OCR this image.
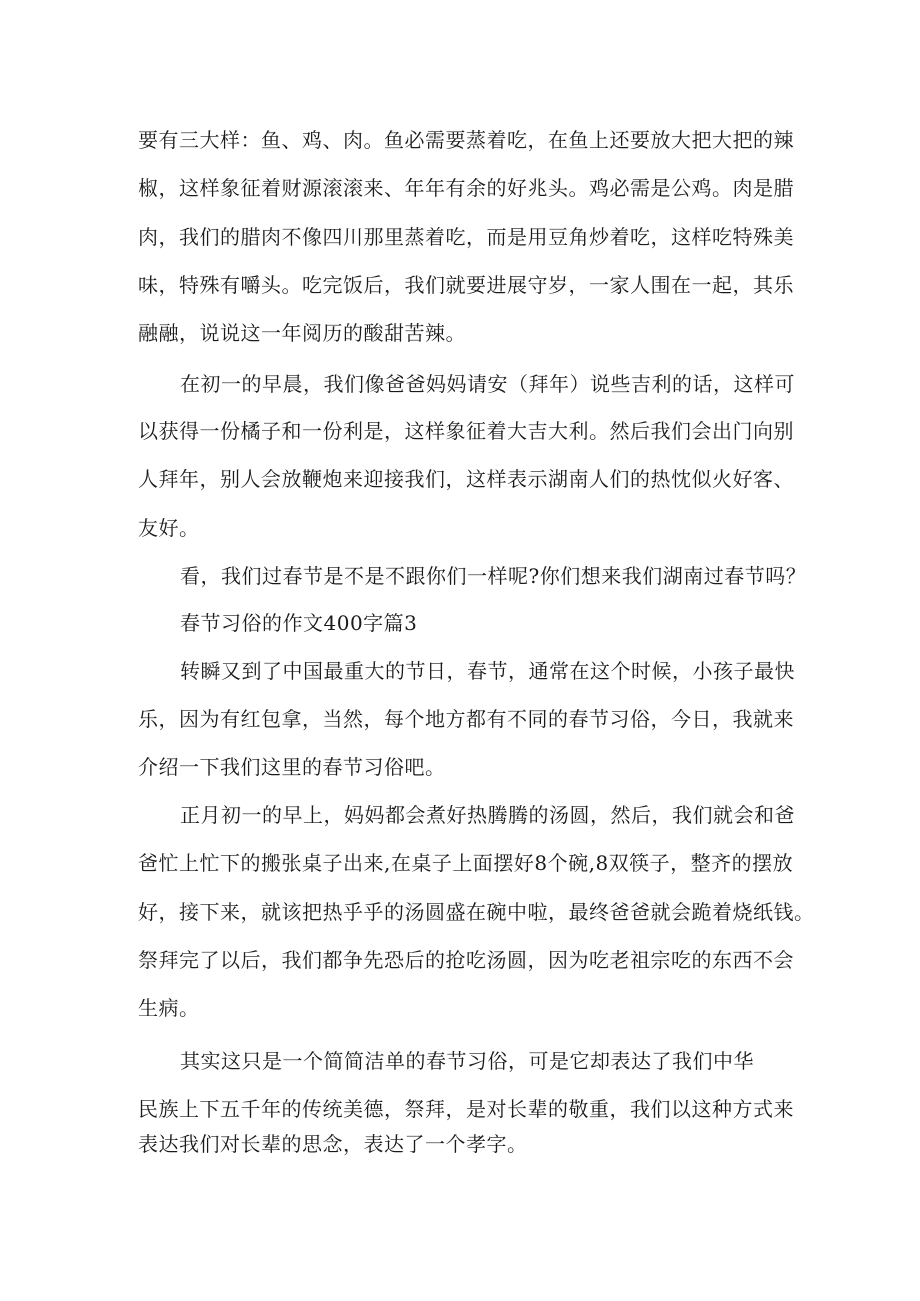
要有三大样：鱼、鸡、肉。鱼必需要蒸着吃，在鱼上还要放大把大把的辣
椒，这样象征着财源滚滚来、年年有余的好兆头。鸡必需是公鸡。肉是腊
肉，我们的腊肉不像四川那里蒸着吃，而是用豆角炒着吃，这样吃特殊美
味，特殊有嚼头。吃完饭后，我们就要进展守岁，一家人围在一起，其乐
融融，说说这一年阅历的酸甜苦辣。
在初一的早晨，我们像爸爸妈妈请安（拜年）说些吉利的话，这样可
以获得一份橘子和一份利是，这样象征着大吉大利。然后我们会出门向别
人拜年，别人会放鞭炮来迎接我们，这样表示湖南人们的热忱似火好客、
友好。
看，我们过春节是不是不跟你们一样呢?你们想来我们湖南过春节吗？
春节习俗的作文400字篇3
转瞬又到了中国最重大的节日，春节，通常在这个时候，小孩子最快
乐，因为有红包拿，当然，每个地方都有不同的春节习俗，今日，我就来
介绍一下我们这里的春节习俗吧。
正月初一的早上，妈妈都会煮好热腾腾的汤圆，然后，我们就会和爸
爸忙上忙下的搬张桌子出来,在桌子上面摆好8个碗,8双筷子，整齐的摆放
好，接下来，就该把热乎乎的汤圆盛在碗中啦，最终爸爸就会跪着烧纸钱。
祭拜完了以后，我们都争先恐后的抢吃汤圆，因为吃老祖宗吃的东西不会
生病。
其实这只是一个简简洁单的春节习俗，可是它却表达了我们中华
民族上下五千年的传统美德，祭拜，是对长辈的敬重，我们以这种方式来
表达我们对长辈的思念，表达了一个孝字。
